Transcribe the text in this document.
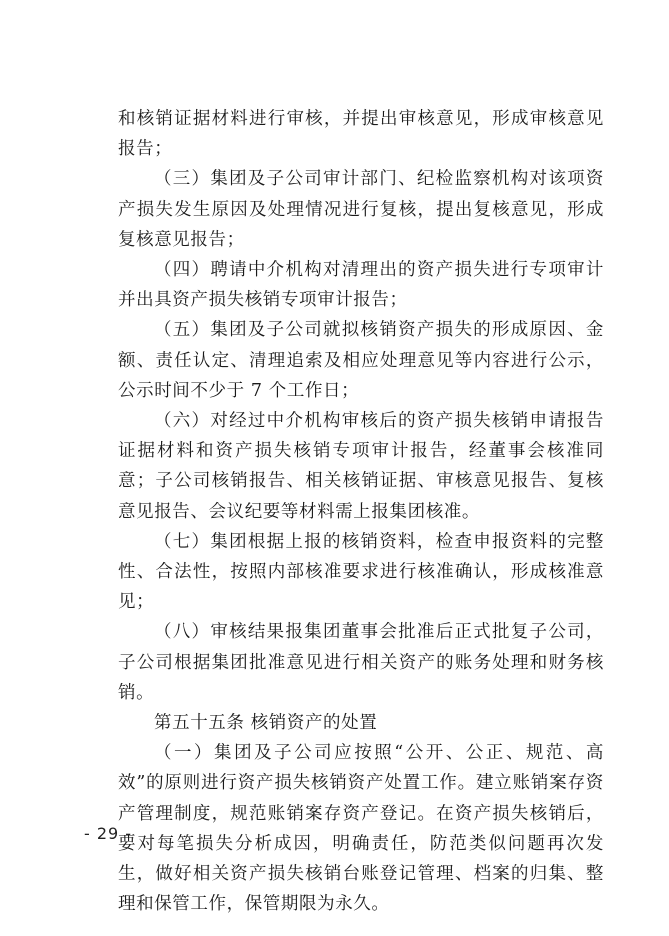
和核销证据材料进行审核，并提出审核意见，形成审核意见报告；

（三）集团及子公司审计部门、纪检监察机构对该项资产损失发生原因及处理情况进行复核，提出复核意见，形成复核意见报告；

（四）聘请中介机构对清理出的资产损失进行专项审计并出具资产损失核销专项审计报告；

（五）集团及子公司就拟核销资产损失的形成原因、金额、责任认定、清理追索及相应处理意见等内容进行公示，公示时间不少于 7 个工作日；

（六）对经过中介机构审核后的资产损失核销申请报告证据材料和资产损失核销专项审计报告，经董事会核准同意；子公司核销报告、相关核销证据、审核意见报告、复核意见报告、会议纪要等材料需上报集团核准。

（七）集团根据上报的核销资料，检查申报资料的完整性、合法性，按照内部核准要求进行核准确认，形成核准意见；

（八）审核结果报集团董事会批准后正式批复子公司，子公司根据集团批准意见进行相关资产的账务处理和财务核销。

第五十五条 核销资产的处置

（一）集团及子公司应按照“公开、公正、规范、高效”的原则进行资产损失核销资产处置工作。建立账销案存资产管理制度，规范账销案存资产登记。在资产损失核销后，要对每笔损失分析成因，明确责任，防范类似问题再次发生，做好相关资产损失核销台账登记管理、档案的归集、整理和保管工作，保管期限为永久。

- 29 -
